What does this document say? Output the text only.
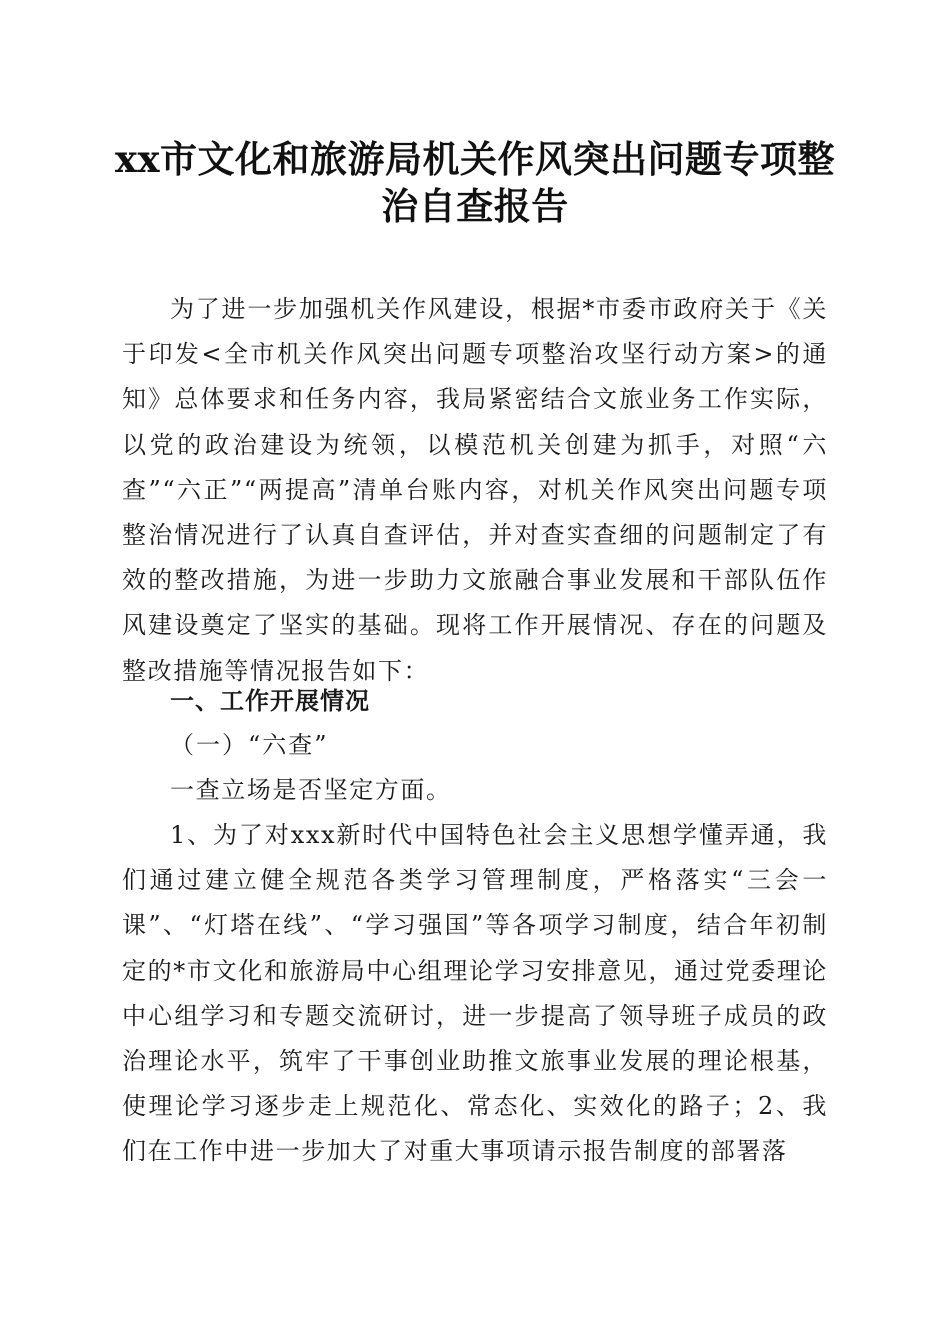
xx市文化和旅游局机关作风突出问题专项整治自查报告

为了进一步加强机关作风建设，根据*市委市政府关于《关于印发<全市机关作风突出问题专项整治攻坚行动方案>的通知》总体要求和任务内容，我局紧密结合文旅业务工作实际，以党的政治建设为统领，以模范机关创建为抓手，对照“六查”“六正”“两提高”清单台账内容，对机关作风突出问题专项整治情况进行了认真自查评估，并对查实查细的问题制定了有效的整改措施，为进一步助力文旅融合事业发展和干部队伍作风建设奠定了坚实的基础。现将工作开展情况、存在的问题及整改措施等情况报告如下：

一、工作开展情况

（一）“六查”

一查立场是否坚定方面。

1、为了对xxx新时代中国特色社会主义思想学懂弄通，我们通过建立健全规范各类学习管理制度，严格落实“三会一课”、“灯塔在线”、“学习强国”等各项学习制度，结合年初制定的*市文化和旅游局中心组理论学习安排意见，通过党委理论中心组学习和专题交流研讨，进一步提高了领导班子成员的政治理论水平，筑牢了干事创业助推文旅事业发展的理论根基，使理论学习逐步走上规范化、常态化、实效化的路子；2、我们在工作中进一步加大了对重大事项请示报告制度的部署落
